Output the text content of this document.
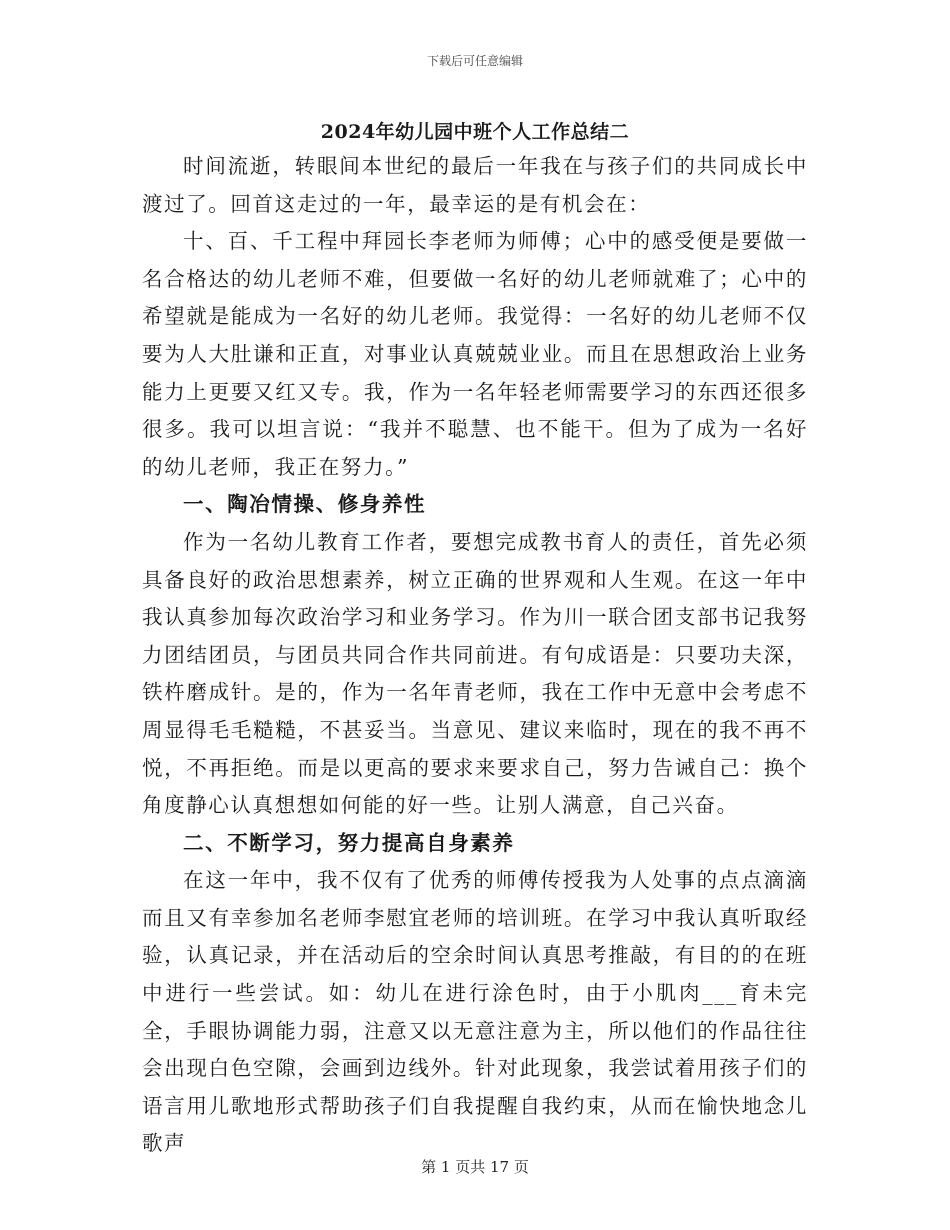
下载后可任意编辑
2024年幼儿园中班个人工作总结二

时间流逝，转眼间本世纪的最后一年我在与孩子们的共同成长中渡过了。回首这走过的一年，最幸运的是有机会在：

十、百、千工程中拜园长李老师为师傅；心中的感受便是要做一名合格达的幼儿老师不难，但要做一名好的幼儿老师就难了；心中的希望就是能成为一名好的幼儿老师。我觉得：一名好的幼儿老师不仅要为人大肚谦和正直，对事业认真兢兢业业。而且在思想政治上业务能力上更要又红又专。我，作为一名年轻老师需要学习的东西还很多很多。我可以坦言说：“我并不聪慧、也不能干。但为了成为一名好的幼儿老师，我正在努力。”

一、陶冶情操、修身养性

作为一名幼儿教育工作者，要想完成教书育人的责任，首先必须具备良好的政治思想素养，树立正确的世界观和人生观。在这一年中我认真参加每次政治学习和业务学习。作为川一联合团支部书记我努力团结团员，与团员共同合作共同前进。有句成语是：只要功夫深，铁杵磨成针。是的，作为一名年青老师，我在工作中无意中会考虑不周显得毛毛糙糙，不甚妥当。当意见、建议来临时，现在的我不再不悦，不再拒绝。而是以更高的要求来要求自己，努力告诫自己：换个角度静心认真想想如何能的好一些。让别人满意，自己兴奋。

二、不断学习，努力提高自身素养

在这一年中，我不仅有了优秀的师傅传授我为人处事的点点滴滴而且又有幸参加名老师李慰宜老师的培训班。在学习中我认真听取经验，认真记录，并在活动后的空余时间认真思考推敲，有目的的在班中进行一些尝试。如：幼儿在进行涂色时，由于小肌肉___育未完全，手眼协调能力弱，注意又以无意注意为主，所以他们的作品往往会出现白色空隙，会画到边线外。针对此现象，我尝试着用孩子们的语言用儿歌地形式帮助孩子们自我提醒自我约束，从而在愉快地念儿歌声

第 1 页共 17 页
